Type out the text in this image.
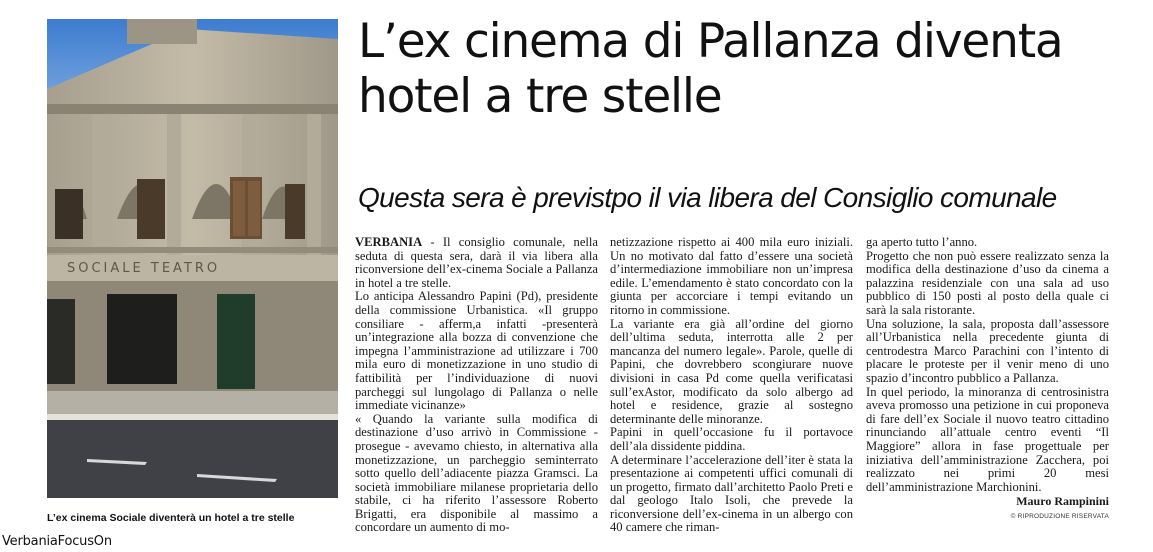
SOCIALE TEATRO
L’ex cinema Sociale diventerà un hotel a tre stelle
VerbaniaFocusOn
L’ex cinema di Pallanza diventa hotel a tre stelle
Questa sera è previstpo il via libera del Consiglio comunale

VERBANIA - Il consiglio comunale, nella seduta di questa sera, darà il via libera alla riconversione dell’ex-cinema Sociale a Pallanza in hotel a tre stelle.

Lo anticipa Alessandro Papini (Pd), presidente della commissione Urbanistica. «Il gruppo consiliare - afferm,a infatti -presenterà un’integrazione alla bozza di convenzione che impegna l’amministrazione ad utilizzare i 700 mila euro di monetizzazione in uno studio di fattibilità per l’individuazione di nuovi parcheggi sul lungolago di Pallanza o nelle immediate vicinanze»

« Quando la variante sulla modifica di destinazione d’uso arrivò in Commissione - prosegue - avevamo chiesto, in alternativa alla monetizzazione, un parcheggio seminterrato sotto quello dell’adiacente piazza Gramsci. La società immobiliare milanese proprietaria dello stabile, ci ha riferito l’assessore Roberto Brigatti, era disponibile al massimo a concordare un aumento di mo-

netizzazione rispetto ai 400 mila euro iniziali. Un no motivato dal fatto d’essere una società d’intermediazione immobiliare non un’impresa edile. L’emendamento è stato concordato con la giunta per accorciare i tempi evitando un ritorno in commissione.

La variante era già all’ordine del giorno dell’ultima seduta, interrotta alle 2 per mancanza del numero legale». Parole, quelle di Papini, che dovrebbero scongiurare nuove divisioni in casa Pd come quella verificatasi sull’exAstor, modificato da solo albergo ad hotel e residence, grazie al sostegno determinante delle minoranze.

Papini in quell’occasione fu il portavoce dell’ala dissidente piddina.

A determinare l’accelerazione dell’iter è stata la presentazione ai competenti uffici comunali di un progetto, firmato dall’architetto Paolo Preti e dal geologo Italo Isoli, che prevede la riconversione dell’ex-cinema in un albergo con 40 camere che riman-

ga aperto tutto l’anno.

Progetto che non può essere realizzato senza la modifica della destinazione d’uso da cinema a palazzina residenziale con una sala ad uso pubblico di 150 posti al posto della quale ci sarà la sala ristorante.

Una soluzione, la sala, proposta dall’assessore all’Urbanistica nella precedente giunta di centrodestra Marco Parachini con l’intento di placare le proteste per il venir meno di uno spazio d’incontro pubblico a Pallanza.

In quel periodo, la minoranza di centrosinistra aveva promosso una petizione in cui proponeva di fare dell’ex Sociale il nuovo teatro cittadino rinunciando all’attuale centro eventi “Il Maggiore” allora in fase progettuale per iniziativa dell’amministrazione Zacchera, poi realizzato nei primi 20 mesi dell’amministrazione Marchionini.

Mauro Rampinini

© RIPRODUZIONE RISERVATA
